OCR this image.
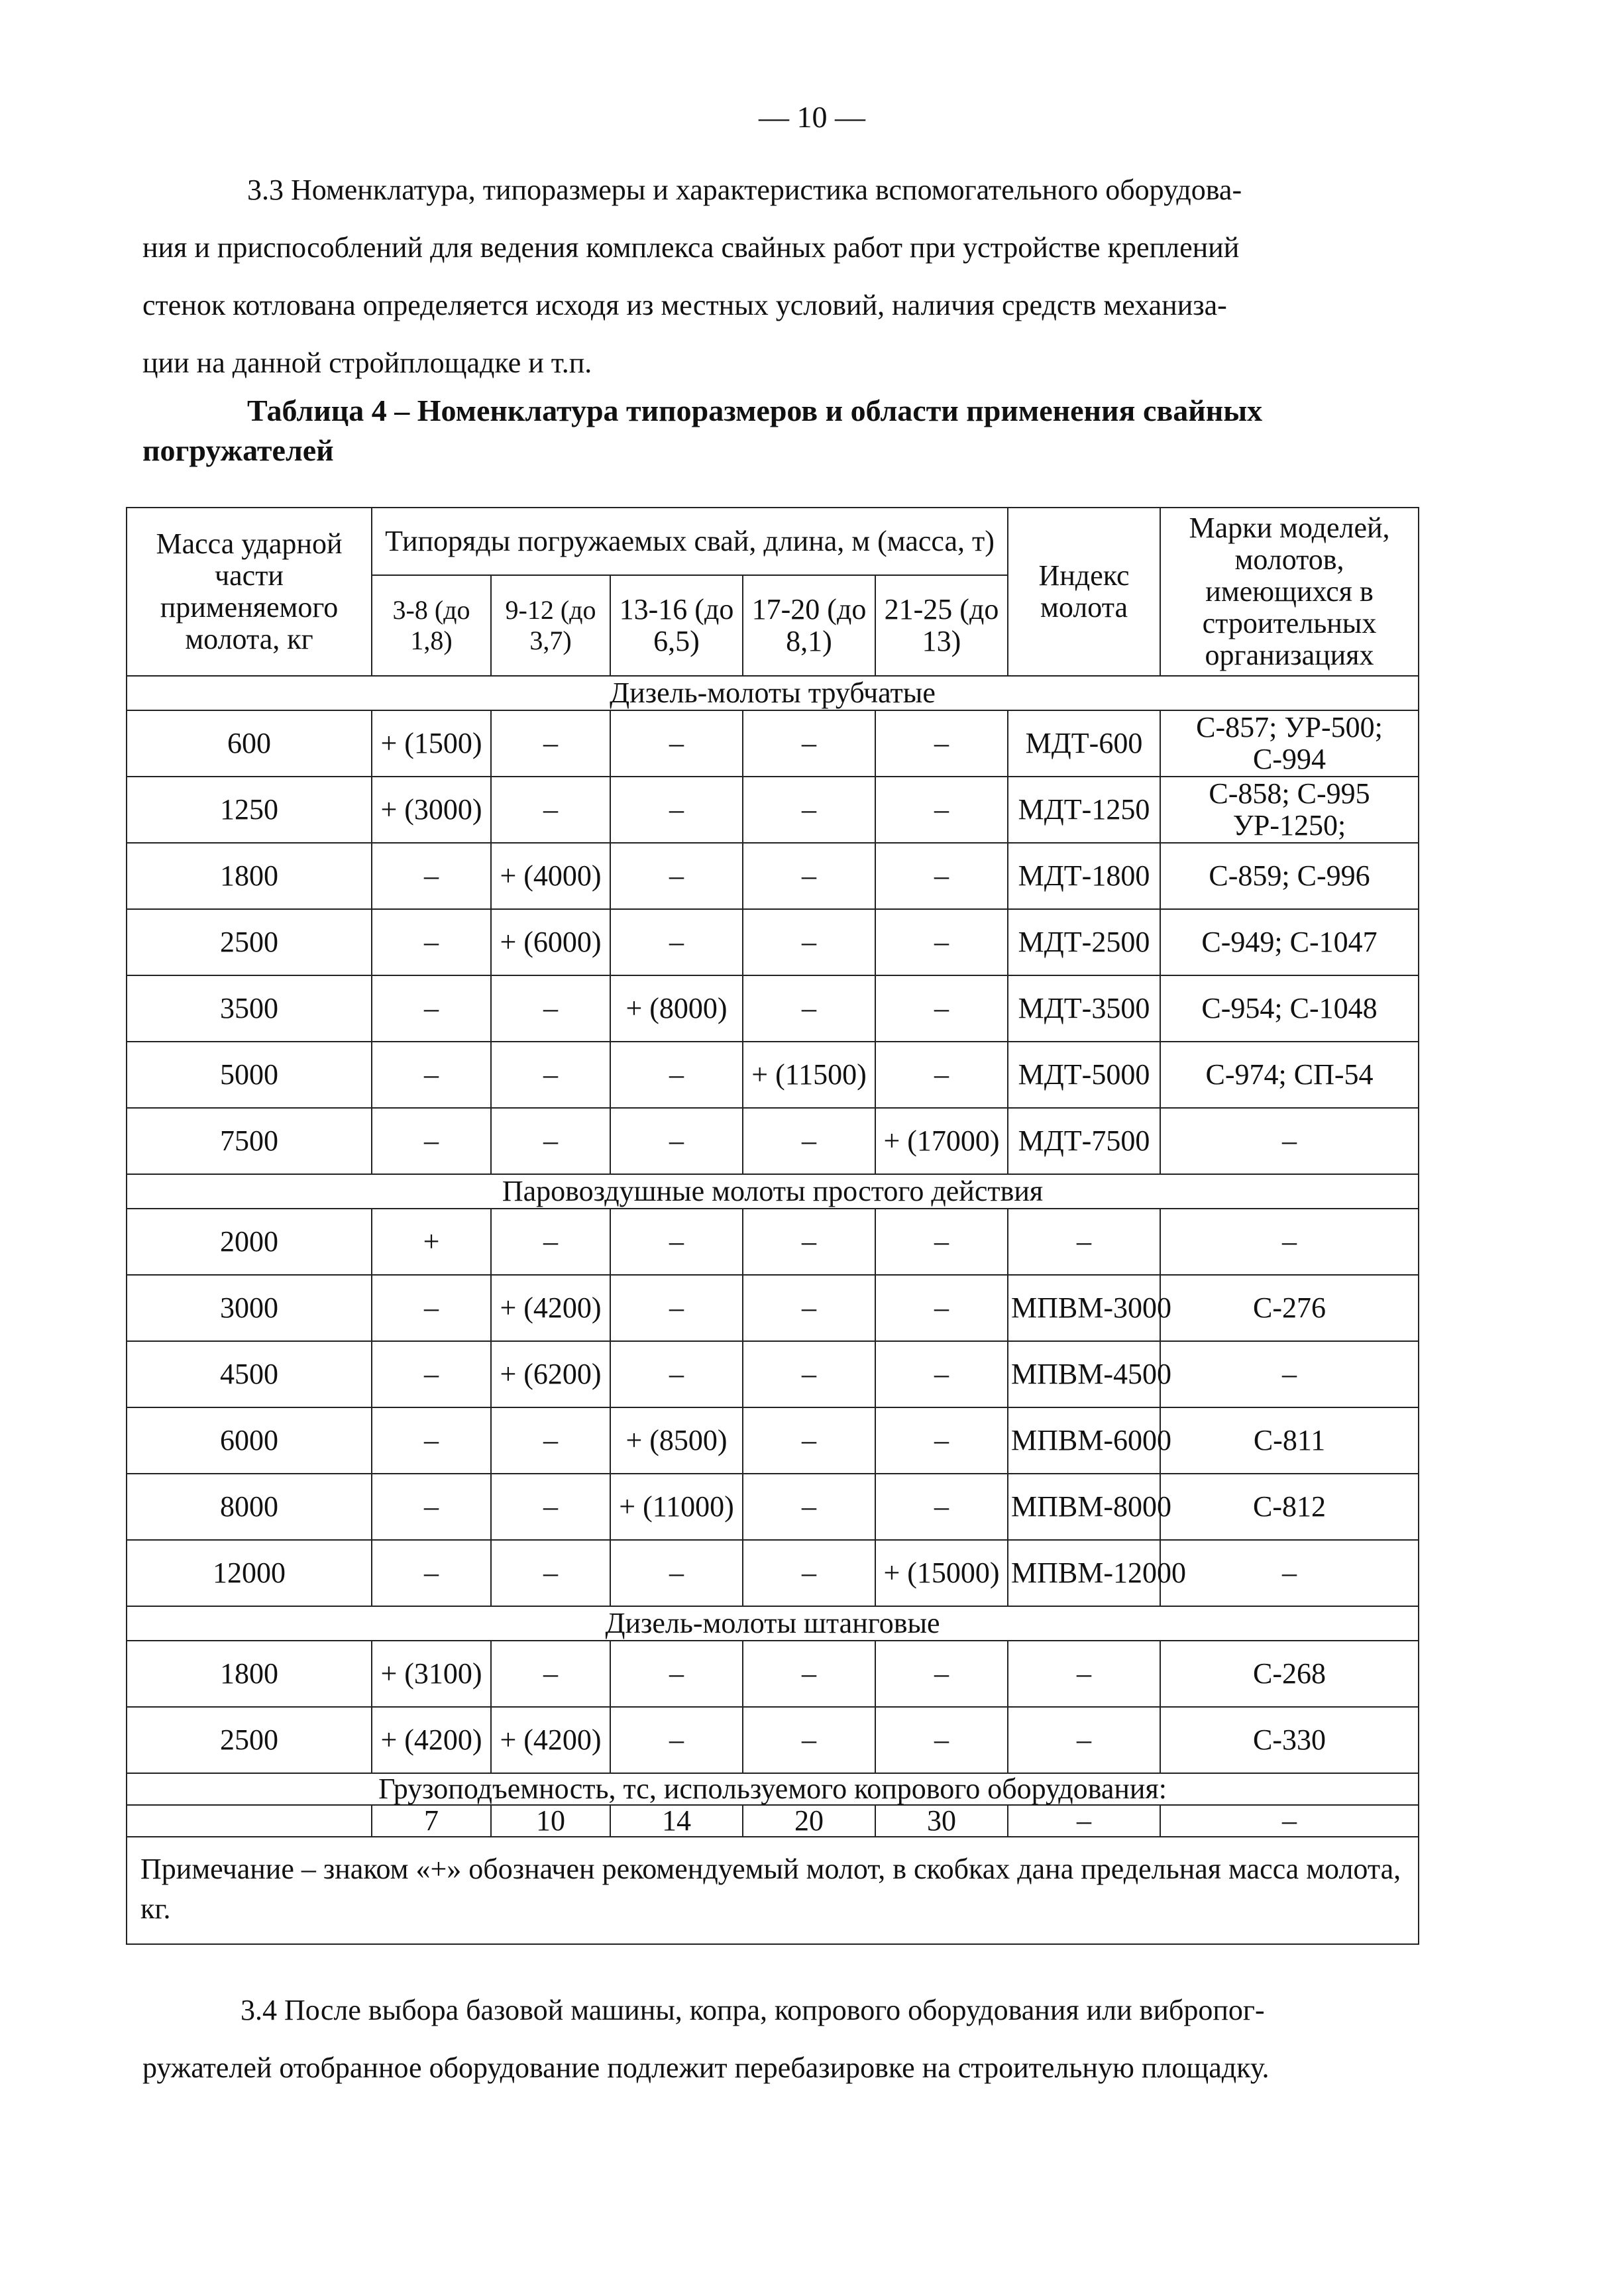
— 10 —

3.3 Номенклатура, типоразмеры и характеристика вспомогательного оборудова-
ния и приспособлений для ведения комплекса свайных работ при устройстве креплений
стенок котлована определяется исходя из местных условий, наличия средств механиза-
ции на данной стройплощадке и т.п.

Таблица 4 – Номенклатура типоразмеров и области применения свайных
погружателей

Масса ударной части применяемого молота, кг	Типоряды погружаемых свай, длина, м (масса, т)					Индекс молота	Марки моделей, молотов, имеющихся в строительных организациях
	3-8 (до 1,8)	9-12 (до 3,7)	13-16 (до 6,5)	17-20 (до 8,1)	21-25 (до 13)		
Дизель-молоты трубчатые							
600	+ (1500)	–	–	–	–	МДТ-600	С-857; УР-500; С-994
1250	+ (3000)	–	–	–	–	МДТ-1250	С-858; С-995 УР-1250;
1800	–	+ (4000)	–	–	–	МДТ-1800	С-859; С-996
2500	–	+ (6000)	–	–	–	МДТ-2500	С-949; С-1047
3500	–	–	+ (8000)	–	–	МДТ-3500	С-954; С-1048
5000	–	–	–	+ (11500)	–	МДТ-5000	С-974; СП-54
7500	–	–	–	–	+ (17000)	МДТ-7500	–
Паровоздушные молоты простого действия							
2000	+	–	–	–	–	–	–
3000	–	+ (4200)	–	–	–	МПВМ-3000	С-276
4500	–	+ (6200)	–	–	–	МПВМ-4500	–
6000	–	–	+ (8500)	–	–	МПВМ-6000	С-811
8000	–	–	+ (11000)	–	–	МПВМ-8000	С-812
12000	–	–	–	–	+ (15000)	МПВМ-12000	–
Дизель-молоты штанговые							
1800	+ (3100)	–	–	–	–	–	С-268
2500	+ (4200)	+ (4200)	–	–	–	–	С-330
Грузоподъемность, тс, используемого копрового оборудования:							
	7	10	14	20	30	–	–
Примечание – знаком «+» обозначен рекомендуемый молот, в скобках дана предельная масса молота, кг.							

3.4 После выбора базовой машины, копра, копрового оборудования или вибропог-
ружателей отобранное оборудование подлежит перебазировке на строительную площадку.
